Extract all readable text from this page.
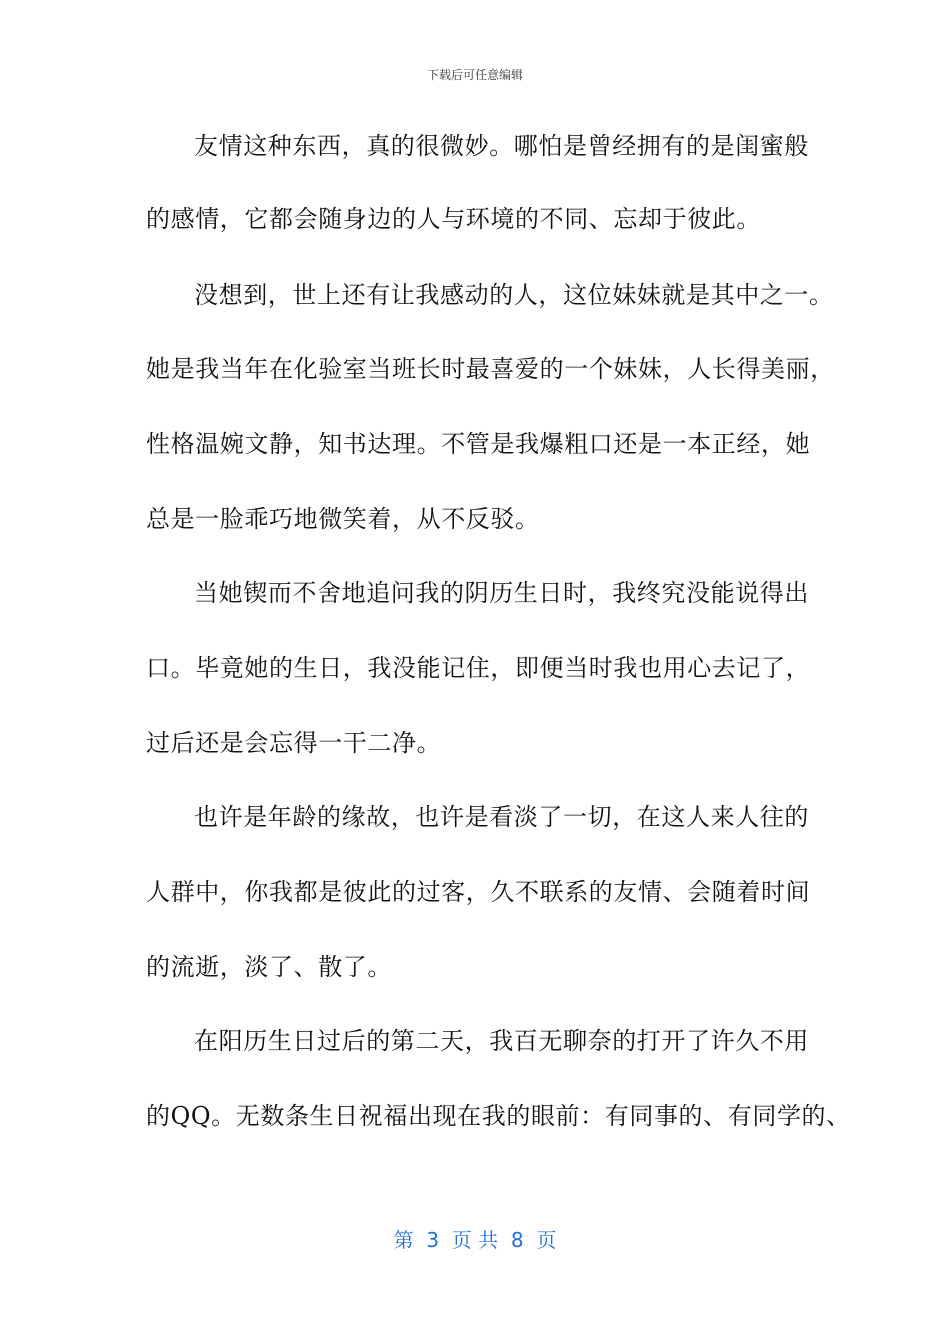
下载后可任意编辑
友情这种东西，真的很微妙。哪怕是曾经拥有的是闺蜜般
的感情，它都会随身边的人与环境的不同、忘却于彼此。
没想到，世上还有让我感动的人，这位妹妹就是其中之一。
她是我当年在化验室当班长时最喜爱的一个妹妹，人长得美丽，
性格温婉文静，知书达理。不管是我爆粗口还是一本正经，她
总是一脸乖巧地微笑着，从不反驳。
当她锲而不舍地追问我的阴历生日时，我终究没能说得出
口。毕竟她的生日，我没能记住，即便当时我也用心去记了，
过后还是会忘得一干二净。
也许是年龄的缘故，也许是看淡了一切，在这人来人往的
人群中，你我都是彼此的过客，久不联系的友情、会随着时间
的流逝，淡了、散了。
在阳历生日过后的第二天，我百无聊奈的打开了许久不用
的QQ。无数条生日祝福出现在我的眼前：有同事的、有同学的、
第  3  页 共  8  页
